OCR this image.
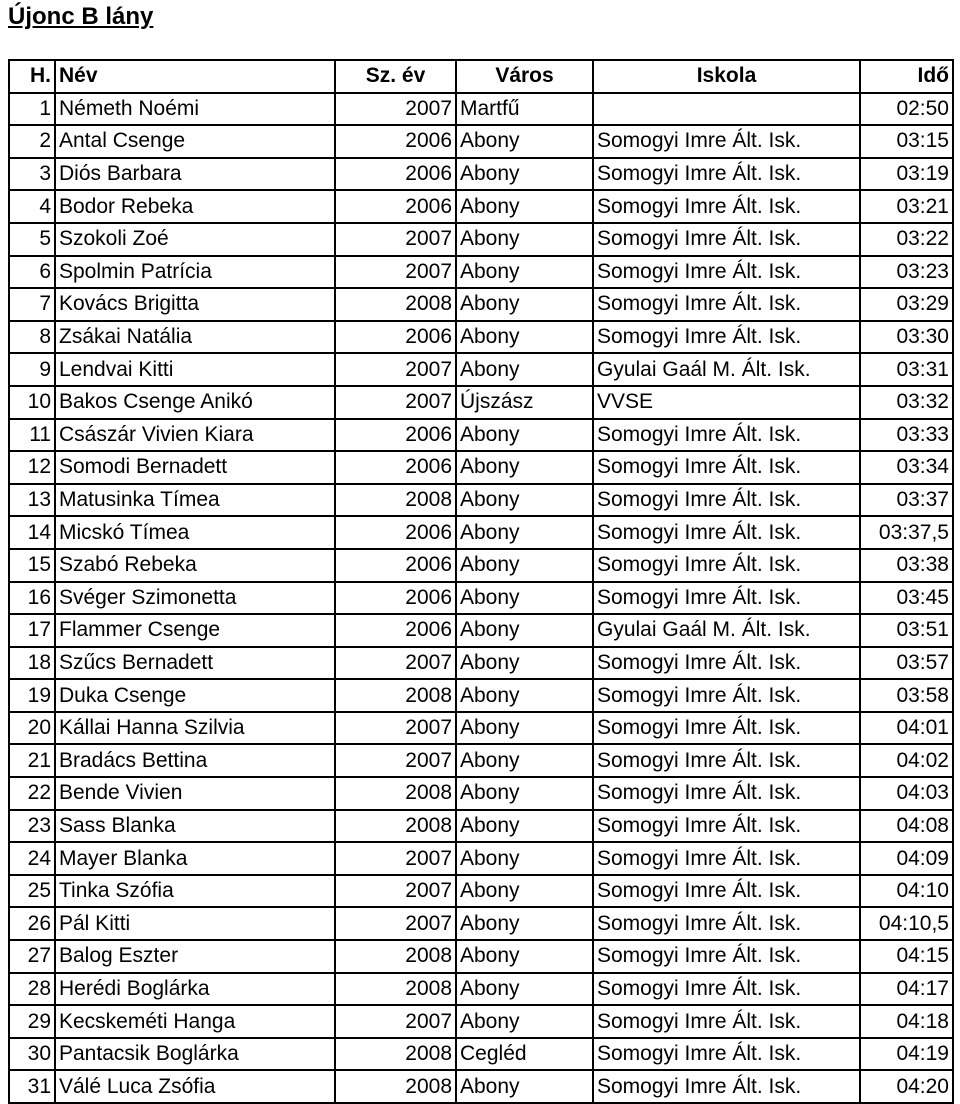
Újonc B lány
H.	Név	Sz. év	Város	Iskola	Idő
1	Németh Noémi	2007	Martfű		02:50
2	Antal Csenge	2006	Abony	Somogyi Imre Ált. Isk.	03:15
3	Diós Barbara	2006	Abony	Somogyi Imre Ált. Isk.	03:19
4	Bodor Rebeka	2006	Abony	Somogyi Imre Ált. Isk.	03:21
5	Szokoli Zoé	2007	Abony	Somogyi Imre Ált. Isk.	03:22
6	Spolmin Patrícia	2007	Abony	Somogyi Imre Ált. Isk.	03:23
7	Kovács Brigitta	2008	Abony	Somogyi Imre Ált. Isk.	03:29
8	Zsákai Natália	2006	Abony	Somogyi Imre Ált. Isk.	03:30
9	Lendvai Kitti	2007	Abony	Gyulai Gaál M. Ált. Isk.	03:31
10	Bakos Csenge Anikó	2007	Újszász	VVSE	03:32
11	Császár Vivien Kiara	2006	Abony	Somogyi Imre Ált. Isk.	03:33
12	Somodi Bernadett	2006	Abony	Somogyi Imre Ált. Isk.	03:34
13	Matusinka Tímea	2008	Abony	Somogyi Imre Ált. Isk.	03:37
14	Micskó Tímea	2006	Abony	Somogyi Imre Ált. Isk.	03:37,5
15	Szabó Rebeka	2006	Abony	Somogyi Imre Ált. Isk.	03:38
16	Svéger Szimonetta	2006	Abony	Somogyi Imre Ált. Isk.	03:45
17	Flammer Csenge	2006	Abony	Gyulai Gaál M. Ált. Isk.	03:51
18	Szűcs Bernadett	2007	Abony	Somogyi Imre Ált. Isk.	03:57
19	Duka Csenge	2008	Abony	Somogyi Imre Ált. Isk.	03:58
20	Kállai Hanna Szilvia	2007	Abony	Somogyi Imre Ált. Isk.	04:01
21	Bradács Bettina	2007	Abony	Somogyi Imre Ált. Isk.	04:02
22	Bende Vivien	2008	Abony	Somogyi Imre Ált. Isk.	04:03
23	Sass Blanka	2008	Abony	Somogyi Imre Ált. Isk.	04:08
24	Mayer Blanka	2007	Abony	Somogyi Imre Ált. Isk.	04:09
25	Tinka Szófia	2007	Abony	Somogyi Imre Ált. Isk.	04:10
26	Pál Kitti	2007	Abony	Somogyi Imre Ált. Isk.	04:10,5
27	Balog Eszter	2008	Abony	Somogyi Imre Ált. Isk.	04:15
28	Herédi Boglárka	2008	Abony	Somogyi Imre Ált. Isk.	04:17
29	Kecskeméti Hanga	2007	Abony	Somogyi Imre Ált. Isk.	04:18
30	Pantacsik Boglárka	2008	Cegléd	Somogyi Imre Ált. Isk.	04:19
31	Válé Luca Zsófia	2008	Abony	Somogyi Imre Ált. Isk.	04:20
